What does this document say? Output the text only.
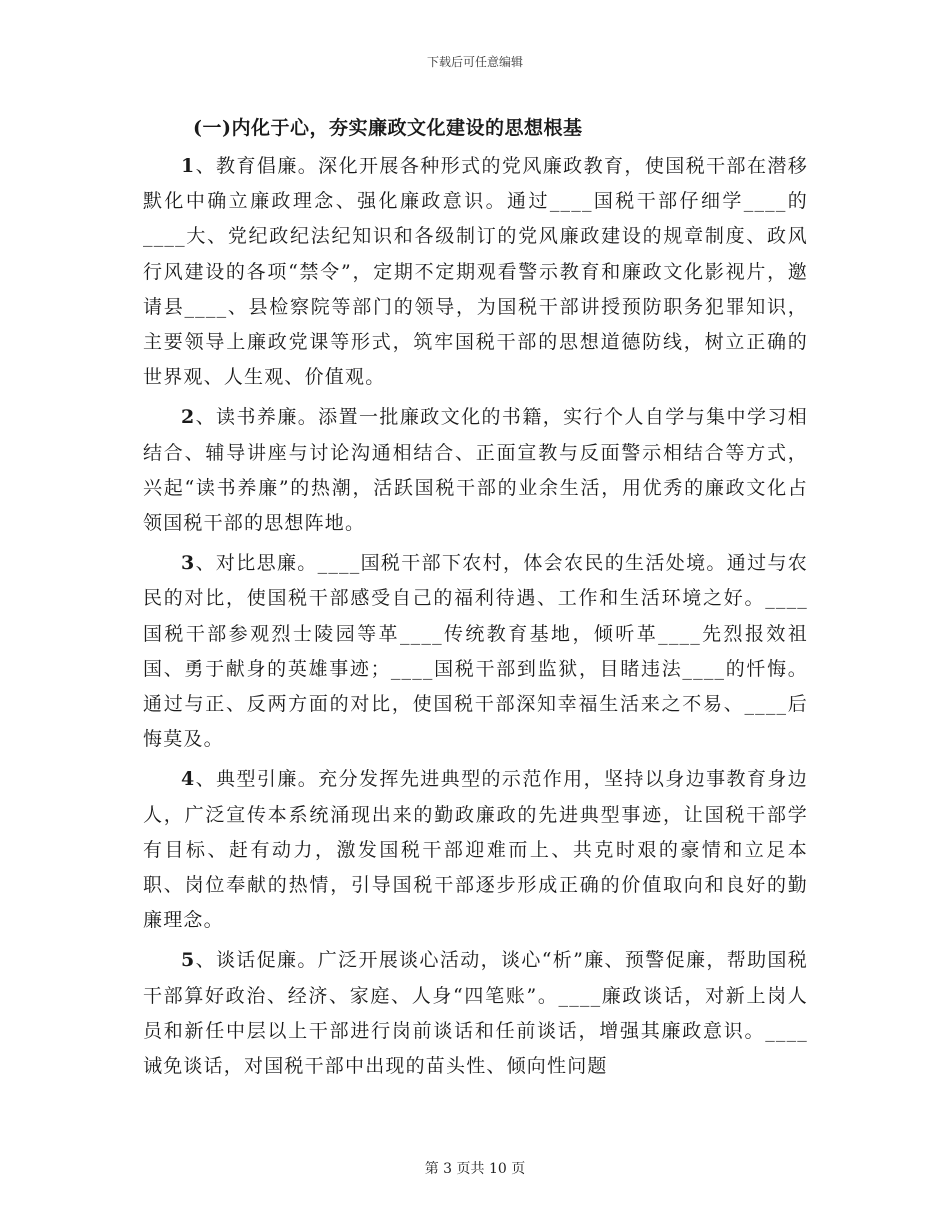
下载后可任意编辑

(一)内化于心，夯实廉政文化建设的思想根基

1、教育倡廉。深化开展各种形式的党风廉政教育，使国税干部在潜移默化中确立廉政理念、强化廉政意识。通过____国税干部仔细学____的____大、党纪政纪法纪知识和各级制订的党风廉政建设的规章制度、政风行风建设的各项“禁令”，定期不定期观看警示教育和廉政文化影视片，邀请县____、县检察院等部门的领导，为国税干部讲授预防职务犯罪知识，主要领导上廉政党课等形式，筑牢国税干部的思想道德防线，树立正确的世界观、人生观、价值观。

2、读书养廉。添置一批廉政文化的书籍，实行个人自学与集中学习相结合、辅导讲座与讨论沟通相结合、正面宣教与反面警示相结合等方式，兴起“读书养廉”的热潮，活跃国税干部的业余生活，用优秀的廉政文化占领国税干部的思想阵地。

3、对比思廉。____国税干部下农村，体会农民的生活处境。通过与农民的对比，使国税干部感受自己的福利待遇、工作和生活环境之好。____国税干部参观烈士陵园等革____传统教育基地，倾听革____先烈报效祖国、勇于献身的英雄事迹；____国税干部到监狱，目睹违法____的忏悔。通过与正、反两方面的对比，使国税干部深知幸福生活来之不易、____后悔莫及。

4、典型引廉。充分发挥先进典型的示范作用，坚持以身边事教育身边人，广泛宣传本系统涌现出来的勤政廉政的先进典型事迹，让国税干部学有目标、赶有动力，激发国税干部迎难而上、共克时艰的豪情和立足本职、岗位奉献的热情，引导国税干部逐步形成正确的价值取向和良好的勤廉理念。

5、谈话促廉。广泛开展谈心活动，谈心“析”廉、预警促廉，帮助国税干部算好政治、经济、家庭、人身“四笔账”。____廉政谈话，对新上岗人员和新任中层以上干部进行岗前谈话和任前谈话，增强其廉政意识。____诫免谈话，对国税干部中出现的苗头性、倾向性问题

第 3 页共 10 页
